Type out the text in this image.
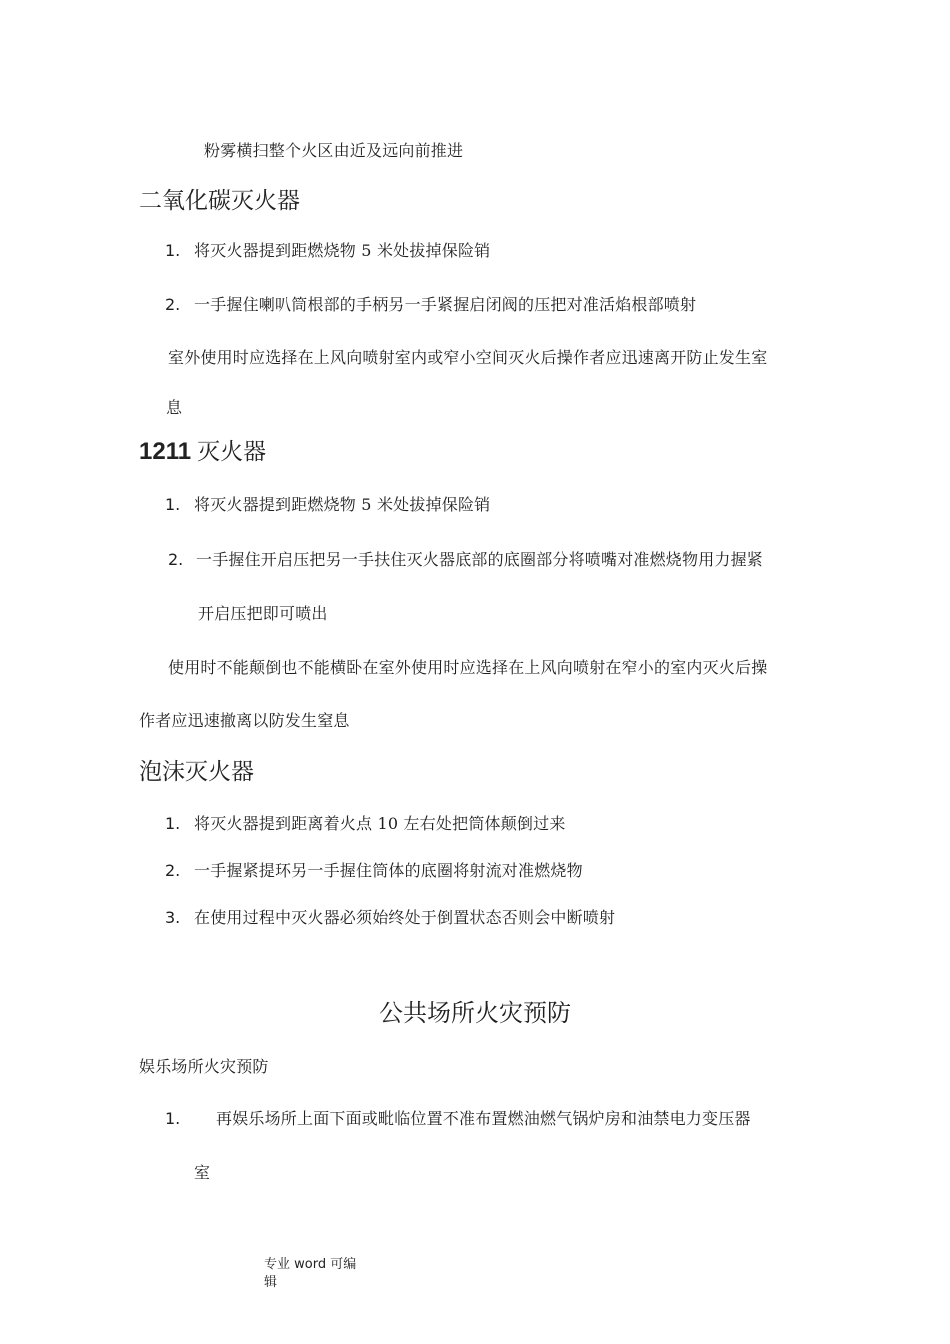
粉雾横扫整个火区由近及远向前推进
二氧化碳灭火器
1. 将灭火器提到距燃烧物 5 米处拔掉保险销
2. 一手握住喇叭筒根部的手柄另一手紧握启闭阀的压把对准活焰根部喷射
室外使用时应选择在上风向喷射室内或窄小空间灭火后操作者应迅速离开防止发生室
息
1211 灭火器
1. 将灭火器提到距燃烧物 5 米处拔掉保险销
2. 一手握住开启压把另一手扶住灭火器底部的底圈部分将喷嘴对准燃烧物用力握紧
开启压把即可喷出
使用时不能颠倒也不能横卧在室外使用时应选择在上风向喷射在窄小的室内灭火后操
作者应迅速撤离以防发生窒息
泡沫灭火器
1. 将灭火器提到距离着火点 10 左右处把筒体颠倒过来
2. 一手握紧提环另一手握住筒体的底圈将射流对准燃烧物
3. 在使用过程中灭火器必须始终处于倒置状态否则会中断喷射
公共场所火灾预防
娱乐场所火灾预防
1. 再娱乐场所上面下面或毗临位置不准布置燃油燃气锅炉房和油禁电力变压器
室
专业 word 可编
辑
